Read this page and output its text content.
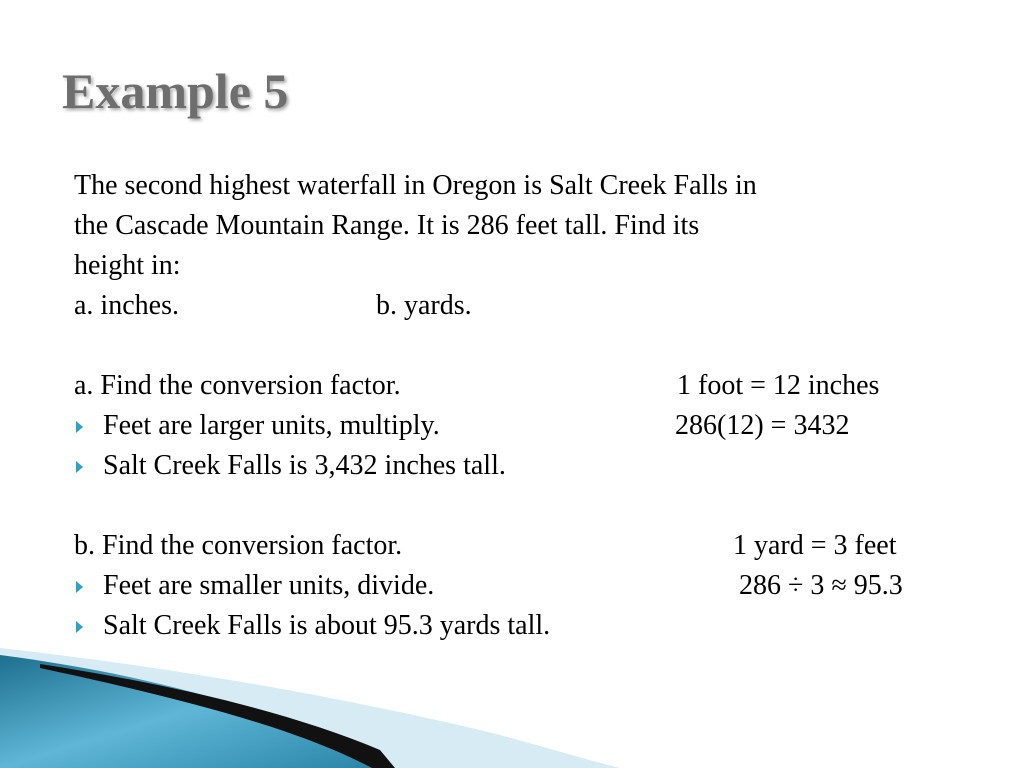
Example 5
The second highest waterfall in Oregon is Salt Creek Falls in
the Cascade Mountain Range. It is 286 feet tall. Find its
height in:
a. inches.	b. yards.
a. Find the conversion factor.	1 foot = 12 inches
Feet are larger units, multiply.	286(12) = 3432
Salt Creek Falls is 3,432 inches tall.
b. Find the conversion factor.	1 yard = 3 feet
Feet are smaller units, divide.	286 ÷ 3 ≈ 95.3
Salt Creek Falls is about 95.3 yards tall.
